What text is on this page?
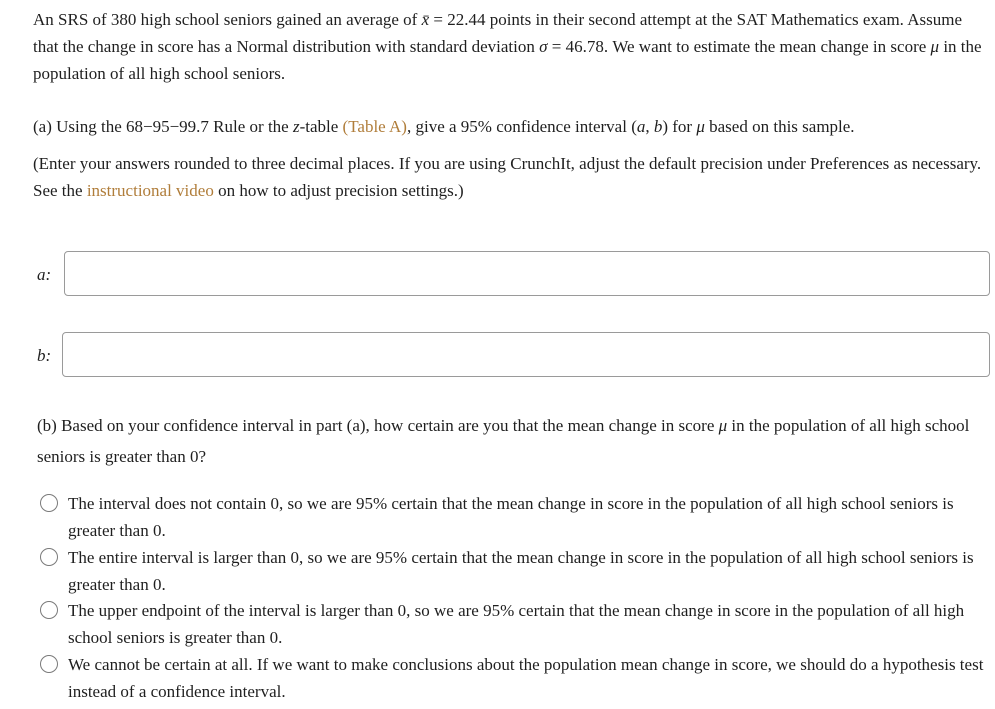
An SRS of 380 high school seniors gained an average of x̄ = 22.44 points in their second attempt at the SAT Mathematics exam. Assume that the change in score has a Normal distribution with standard deviation σ = 46.78. We want to estimate the mean change in score μ in the population of all high school seniors.

(a) Using the 68−95−99.7 Rule or the z-table (Table A), give a 95% confidence interval (a, b) for μ based on this sample.

(Enter your answers rounded to three decimal places. If you are using CrunchIt, adjust the default precision under Preferences as necessary. See the instructional video on how to adjust precision settings.)

a:
b:

(b) Based on your confidence interval in part (a), how certain are you that the mean change in score μ in the population of all high school seniors is greater than 0?

The interval does not contain 0, so we are 95% certain that the mean change in score in the population of all high school seniors is greater than 0.
The entire interval is larger than 0, so we are 95% certain that the mean change in score in the population of all high school seniors is greater than 0.
The upper endpoint of the interval is larger than 0, so we are 95% certain that the mean change in score in the population of all high school seniors is greater than 0.
We cannot be certain at all. If we want to make conclusions about the population mean change in score, we should do a hypothesis test instead of a confidence interval.
